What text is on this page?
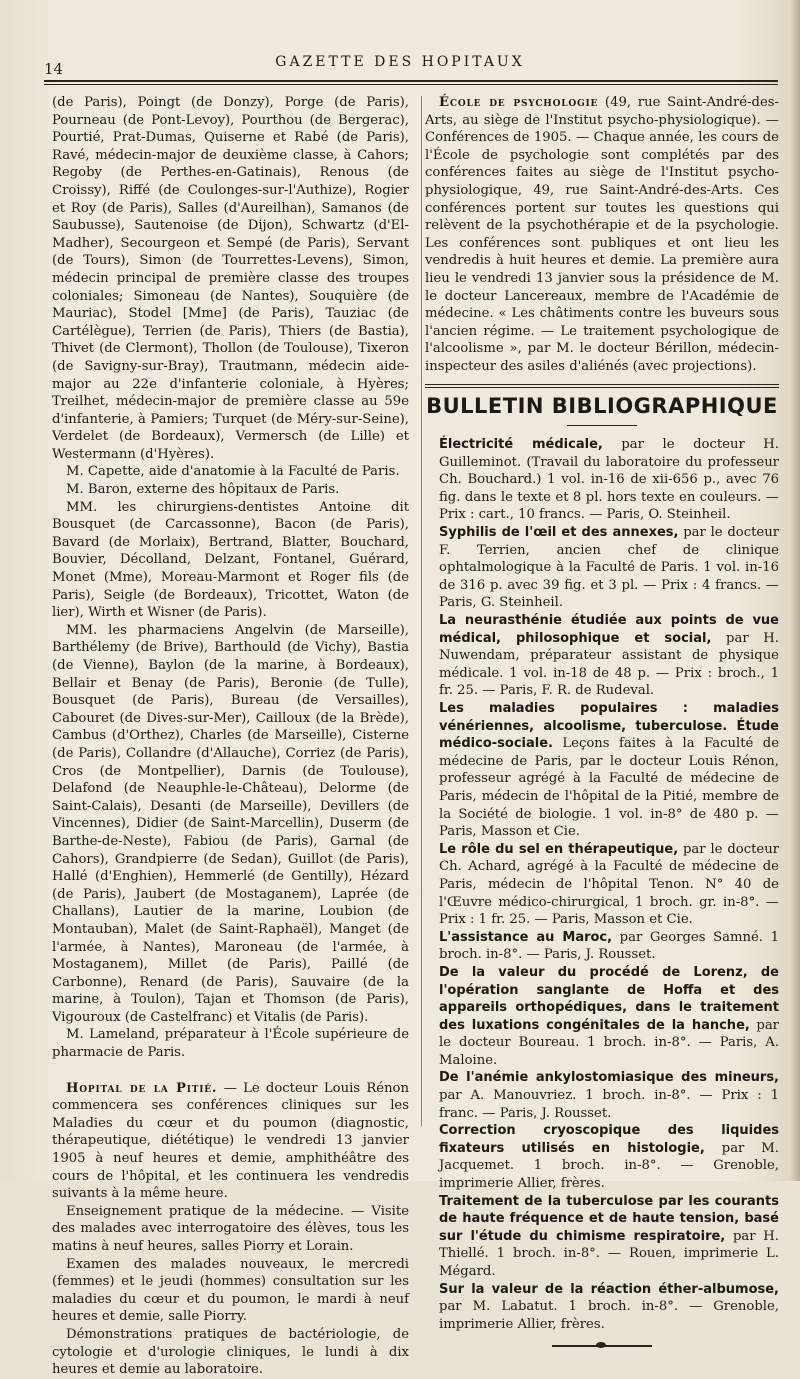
14	GAZETTE DES HOPITAUX

(de Paris), Poingt (de Donzy), Porge (de Paris), Pourneau (de Pont-Levoy), Pourthou (de Bergerac), Pourtié, Prat-Dumas, Quiserne et Rabé (de Paris), Ravé, médecin-major de deuxième classe, à Cahors; Regoby (de Perthes-en-Gatinais), Renous (de Croissy), Riffé (de Coulonges-sur-l'Authize), Rogier et Roy (de Paris), Salles (d'Aureilhan), Samanos (de Saubusse), Sautenoise (de Dijon), Schwartz (d'El-Madher), Secourgeon et Sempé (de Paris), Servant (de Tours), Simon (de Tourrettes-Levens), Simon, médecin principal de première classe des troupes coloniales; Simoneau (de Nantes), Souquière (de Mauriac), Stodel [Mme] (de Paris), Tauziac (de Cartélègue), Terrien (de Paris), Thiers (de Bastia), Thivet (de Clermont), Thollon (de Toulouse), Tixeron (de Savigny-sur-Bray), Trautmann, médecin aide-major au 22e d'infanterie coloniale, à Hyères; Treilhet, médecin-major de première classe au 59e d'infanterie, à Pamiers; Turquet (de Méry-sur-Seine), Verdelet (de Bordeaux), Vermersch (de Lille) et Westermann (d'Hyères).

M. Capette, aide d'anatomie à la Faculté de Paris.

M. Baron, externe des hôpitaux de Paris.

MM. les chirurgiens-dentistes Antoine dit Bousquet (de Carcassonne), Bacon (de Paris), Bavard (de Morlaix), Bertrand, Blatter, Bouchard, Bouvier, Décolland, Delzant, Fontanel, Guérard, Monet (Mme), Moreau-Marmont et Roger fils (de Paris), Seigle (de Bordeaux), Tricottet, Waton (de lier), Wirth et Wisner (de Paris).

MM. les pharmaciens Angelvin (de Marseille), Barthélemy (de Brive), Barthould (de Vichy), Bastia (de Vienne), Baylon (de la marine, à Bordeaux), Bellair et Benay (de Paris), Beronie (de Tulle), Bousquet (de Paris), Bureau (de Versailles), Cabouret (de Dives-sur-Mer), Cailloux (de la Brède), Cambus (d'Orthez), Charles (de Marseille), Cisterne (de Paris), Collandre (d'Allauche), Corriez (de Paris), Cros (de Montpellier), Darnis (de Toulouse), Delafond (de Neauphle-le-Château), Delorme (de Saint-Calais), Desanti (de Marseille), Devillers (de Vincennes), Didier (de Saint-Marcellin), Duserm (de Barthe-de-Neste), Fabiou (de Paris), Garnal (de Cahors), Grandpierre (de Sedan), Guillot (de Paris), Hallé (d'Enghien), Hemmerlé (de Gentilly), Hézard (de Paris), Jaubert (de Mostaganem), Laprée (de Challans), Lautier de la marine, Loubion (de Montauban), Malet (de Saint-Raphaël), Manget (de l'armée, à Nantes), Maroneau (de l'armée, à Mostaganem), Millet (de Paris), Paillé (de Carbonne), Renard (de Paris), Sauvaire (de la marine, à Toulon), Tajan et Thomson (de Paris), Vigouroux (de Castelfranc) et Vitalis (de Paris).

M. Lameland, préparateur à l'École supérieure de pharmacie de Paris.

Hopital de la Pitié. — Le docteur Louis Rénon commencera ses conférences cliniques sur les Maladies du cœur et du poumon (diagnostic, thérapeutique, diététique) le vendredi 13 janvier 1905 à neuf heures et demie, amphithéâtre des cours de l'hôpital, et les continuera les vendredis suivants à la même heure.

Enseignement pratique de la médecine. — Visite des malades avec interrogatoire des élèves, tous les matins à neuf heures, salles Piorry et Lorain.

Examen des malades nouveaux, le mercredi (femmes) et le jeudi (hommes) consultation sur les maladies du cœur et du poumon, le mardi à neuf heures et demie, salle Piorry.

Démonstrations pratiques de bactériologie, de cytologie et d'urologie cliniques, le lundi à dix heures et demie au laboratoire.

École de psychologie (49, rue Saint-André-des-Arts, au siège de l'Institut psycho-physiologique). — Conférences de 1905. — Chaque année, les cours de l'École de psychologie sont complétés par des conférences faites au siège de l'Institut psycho-physiologique, 49, rue Saint-André-des-Arts. Ces conférences portent sur toutes les questions qui relèvent de la psychothérapie et de la psychologie. Les conférences sont publiques et ont lieu les vendredis à huit heures et demie. La première aura lieu le vendredi 13 janvier sous la présidence de M. le docteur Lancereaux, membre de l'Académie de médecine. « Les châtiments contre les buveurs sous l'ancien régime. — Le traitement psychologique de l'alcoolisme », par M. le docteur Bérillon, médecin-inspecteur des asiles d'aliénés (avec projections).

BULLETIN BIBLIOGRAPHIQUE

Électricité médicale, par le docteur H. Guilleminot. (Travail du laboratoire du professeur Ch. Bouchard.) 1 vol. in-16 de xii-656 p., avec 76 fig. dans le texte et 8 pl. hors texte en couleurs. — Prix : cart., 10 francs. — Paris, O. Steinheil.

Syphilis de l'œil et des annexes, par le docteur F. Terrien, ancien chef de clinique ophtalmologique à la Faculté de Paris. 1 vol. in-16 de 316 p. avec 39 fig. et 3 pl. — Prix : 4 francs. — Paris, G. Steinheil.

La neurasthénie étudiée aux points de vue médical, philosophique et social, par H. Nuwendam, préparateur assistant de physique médicale. 1 vol. in-18 de 48 p. — Prix : broch., 1 fr. 25. — Paris, F. R. de Rudeval.

Les maladies populaires : maladies vénériennes, alcoolisme, tuberculose. Étude médico-sociale. Leçons faites à la Faculté de médecine de Paris, par le docteur Louis Rénon, professeur agrégé à la Faculté de médecine de Paris, médecin de l'hôpital de la Pitié, membre de la Société de biologie. 1 vol. in-8° de 480 p. — Paris, Masson et Cie.

Le rôle du sel en thérapeutique, par le docteur Ch. Achard, agrégé à la Faculté de médecine de Paris, médecin de l'hôpital Tenon. N° 40 de l'Œuvre médico-chirurgical, 1 broch. gr. in-8°. — Prix : 1 fr. 25. — Paris, Masson et Cie.

L'assistance au Maroc, par Georges Samné. 1 broch. in-8°. — Paris, J. Rousset.

De la valeur du procédé de Lorenz, de l'opération sanglante de Hoffa et des appareils orthopédiques, dans le traitement des luxations congénitales de la hanche, par le docteur Boureau. 1 broch. in-8°. — Paris, A. Maloine.

De l'anémie ankylostomiasique des mineurs, par A. Manouvriez. 1 broch. in-8°. — Prix : 1 franc. — Paris, J. Rousset.

Correction cryoscopique des liquides fixateurs utilisés en histologie, par M. Jacquemet. 1 broch. in-8°. — Grenoble, imprimerie Allier, frères.

Traitement de la tuberculose par les courants de haute fréquence et de haute tension, basé sur l'étude du chimisme respiratoire, par H. Thiellé. 1 broch. in-8°. — Rouen, imprimerie L. Mégard.

Sur la valeur de la réaction éther-albumose, par M. Labatut. 1 broch. in-8°. — Grenoble, imprimerie Allier, frères.
